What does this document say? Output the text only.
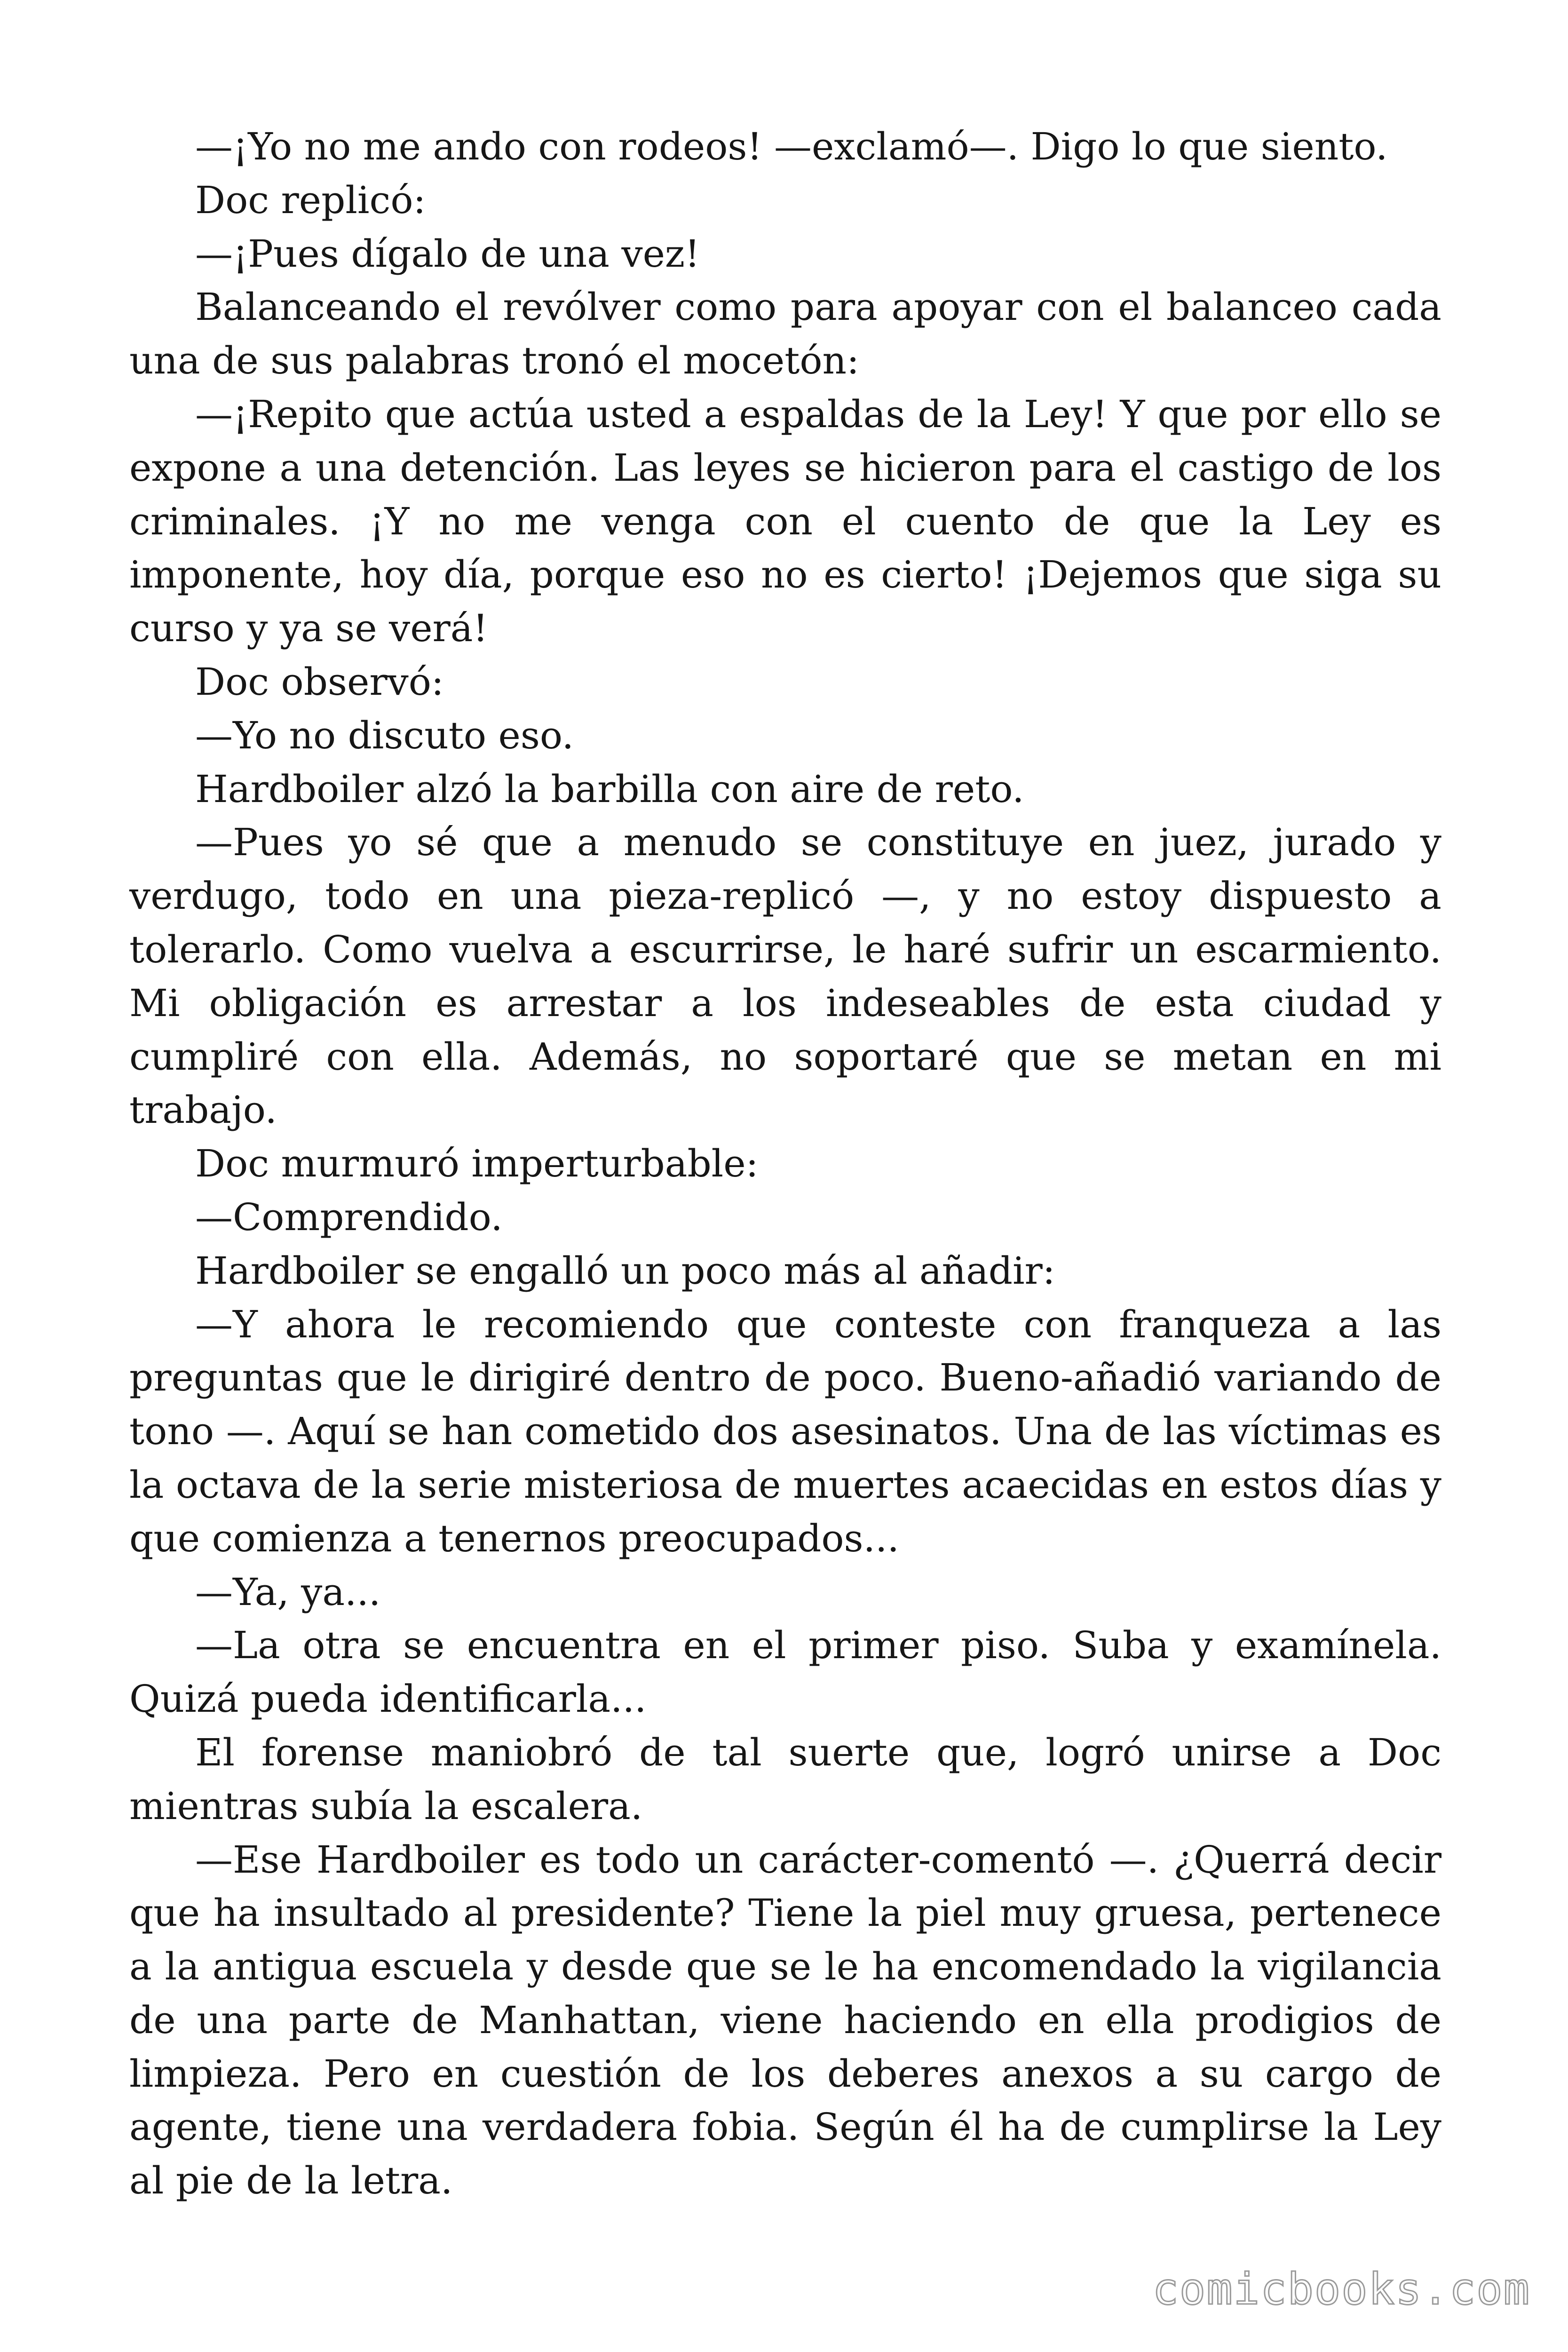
—¡Yo no me ando con rodeos! —exclamó—. Digo lo que siento.

Doc replicó:

—¡Pues dígalo de una vez!

Balanceando el revólver como para apoyar con el balanceo cada una de sus palabras tronó el mocetón:

—¡Repito que actúa usted a espaldas de la Ley! Y que por ello se expone a una detención. Las leyes se hicieron para el castigo de los criminales. ¡Y no me venga con el cuento de que la Ley es imponente, hoy día, porque eso no es cierto! ¡Dejemos que siga su curso y ya se verá!

Doc observó:

—Yo no discuto eso.

Hardboiler alzó la barbilla con aire de reto.

—Pues yo sé que a menudo se constituye en juez, jurado y verdugo, todo en una pieza-replicó —, y no estoy dispuesto a tolerarlo. Como vuelva a escurrirse, le haré sufrir un escarmiento. Mi obligación es arrestar a los indeseables de esta ciudad y cumpliré con ella. Además, no soportaré que se metan en mi trabajo.

Doc murmuró imperturbable:

—Comprendido.

Hardboiler se engalló un poco más al añadir:

—Y ahora le recomiendo que conteste con franqueza a las preguntas que le dirigiré dentro de poco. Bueno-añadió variando de tono —. Aquí se han cometido dos asesinatos. Una de las víctimas es la octava de la serie misteriosa de muertes acaecidas en estos días y que comienza a tenernos preocupados...

—Ya, ya...

—La otra se encuentra en el primer piso. Suba y examínela. Quizá pueda identificarla...

El forense maniobró de tal suerte que, logró unirse a Doc mientras subía la escalera.

—Ese Hardboiler es todo un carácter-comentó —. ¿Querrá decir que ha insultado al presidente? Tiene la piel muy gruesa, pertenece a la antigua escuela y desde que se le ha encomendado la vigilancia de una parte de Manhattan, viene haciendo en ella prodigios de limpieza. Pero en cuestión de los deberes anexos a su cargo de agente, tiene una verdadera fobia. Según él ha de cumplirse la Ley al pie de la letra.

comicbooks.com
